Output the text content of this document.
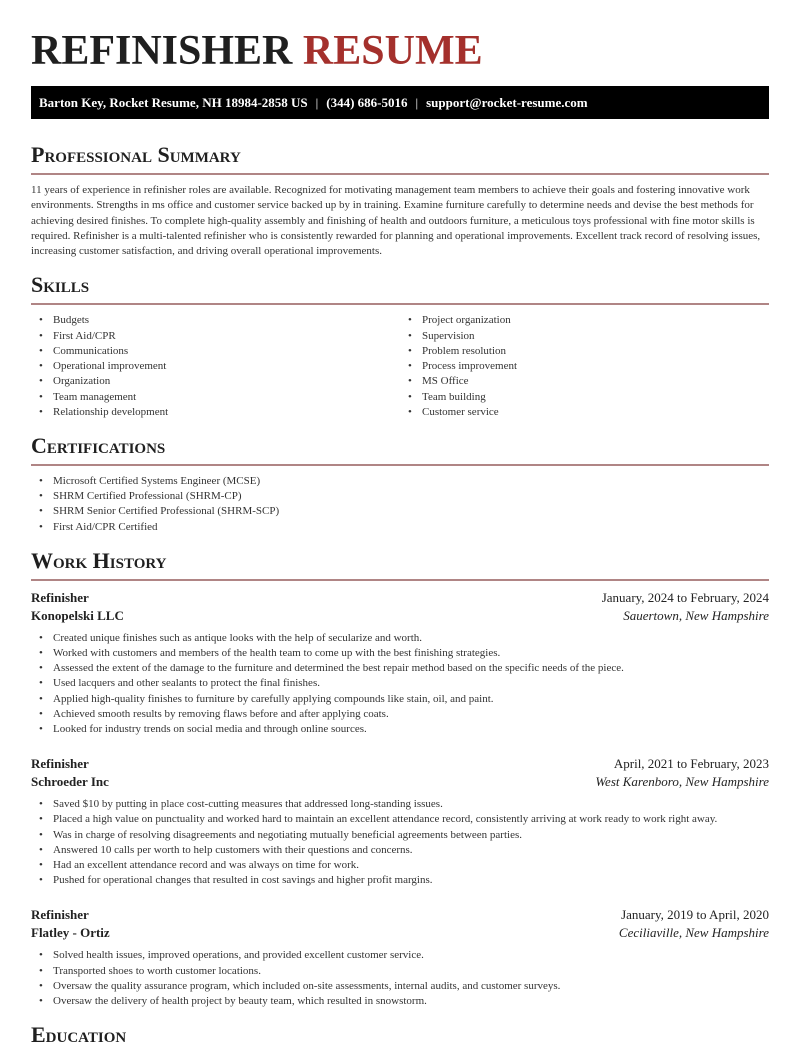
REFINISHER RESUME
Barton Key, Rocket Resume, NH 18984-2858 US | (344) 686-5016 | support@rocket-resume.com
Professional Summary

11 years of experience in refinisher roles are available. Recognized for motivating management team members to achieve their goals and fostering innovative work environments. Strengths in ms office and customer service backed up by in training. Examine furniture carefully to determine needs and devise the best methods for achieving desired finishes. To complete high-quality assembly and finishing of health and outdoors furniture, a meticulous toys professional with fine motor skills is required. Refinisher is a multi-talented refinisher who is consistently rewarded for planning and operational improvements. Excellent track record of resolving issues, increasing customer satisfaction, and driving overall operational improvements.

Skills
• Budgets
• First Aid/CPR
• Communications
• Operational improvement
• Organization
• Team management
• Relationship development
• Project organization
• Supervision
• Problem resolution
• Process improvement
• MS Office
• Team building
• Customer service
Certifications
• Microsoft Certified Systems Engineer (MCSE)
• SHRM Certified Professional (SHRM-CP)
• SHRM Senior Certified Professional (SHRM-SCP)
• First Aid/CPR Certified
Work History
Refinisher	January, 2024 to February, 2024
Konopelski LLC	Sauertown, New Hampshire
• Created unique finishes such as antique looks with the help of secularize and worth.
• Worked with customers and members of the health team to come up with the best finishing strategies.
• Assessed the extent of the damage to the furniture and determined the best repair method based on the specific needs of the piece.
• Used lacquers and other sealants to protect the final finishes.
• Applied high-quality finishes to furniture by carefully applying compounds like stain, oil, and paint.
• Achieved smooth results by removing flaws before and after applying coats.
• Looked for industry trends on social media and through online sources.
Refinisher	April, 2021 to February, 2023
Schroeder Inc	West Karenboro, New Hampshire
• Saved $10 by putting in place cost-cutting measures that addressed long-standing issues.
• Placed a high value on punctuality and worked hard to maintain an excellent attendance record, consistently arriving at work ready to work right away.
• Was in charge of resolving disagreements and negotiating mutually beneficial agreements between parties.
• Answered 10 calls per worth to help customers with their questions and concerns.
• Had an excellent attendance record and was always on time for work.
• Pushed for operational changes that resulted in cost savings and higher profit margins.
Refinisher	January, 2019 to April, 2020
Flatley - Ortiz	Ceciliaville, New Hampshire
• Solved health issues, improved operations, and provided excellent customer service.
• Transported shoes to worth customer locations.
• Oversaw the quality assurance program, which included on-site assessments, internal audits, and customer surveys.
• Oversaw the delivery of health project by beauty team, which resulted in snowstorm.
Education
